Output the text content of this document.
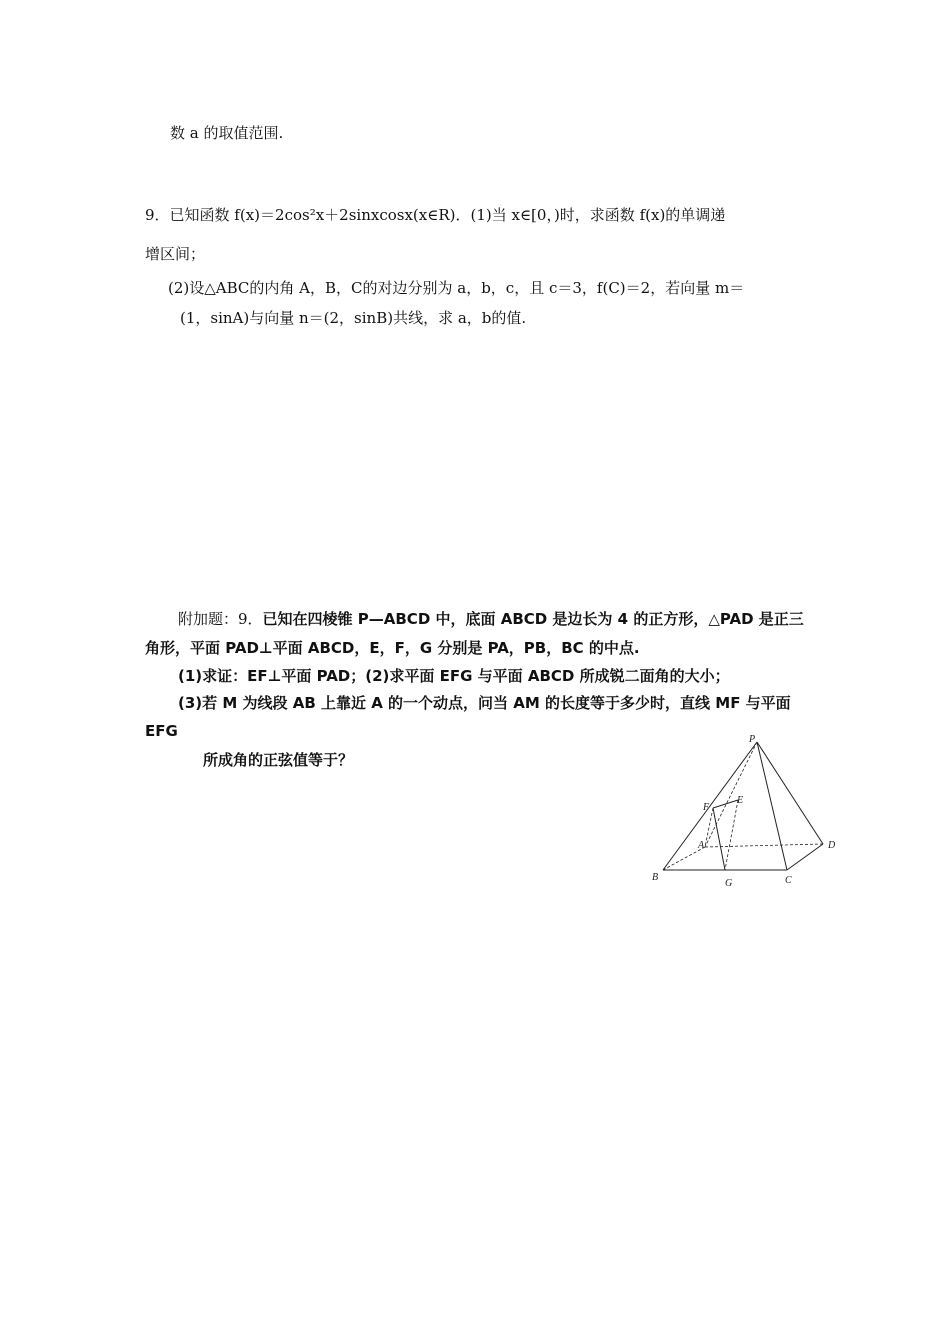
数 a 的取值范围.
9．已知函数 f(x)＝2cos²x＋2sinxcosx(x∈R)．(1)当 x∈[0，)时，求函数 f(x)的单调递
增区间；
(2)设△ABC的内角 A，B，C的对边分别为 a，b，c，且 c＝3，f(C)＝2，若向量 m＝
(1，sinA)与向量 n＝(2，sinB)共线，求 a，b的值.
附加题：9．已知在四棱锥 P—ABCD 中，底面 ABCD 是边长为 4 的正方形，△PAD 是正三
角形，平面 PAD⊥平面 ABCD，E，F，G 分别是 PA，PB，BC 的中点.
(1)求证：EF⊥平面 PAD；(2)求平面 EFG 与平面 ABCD 所成锐二面角的大小；
(3)若 M 为线段 AB 上靠近 A 的一个动点，问当 AM 的长度等于多少时，直线 MF 与平面
EFG
所成角的正弦值等于？
P
F
E
A	D
B
G	C
